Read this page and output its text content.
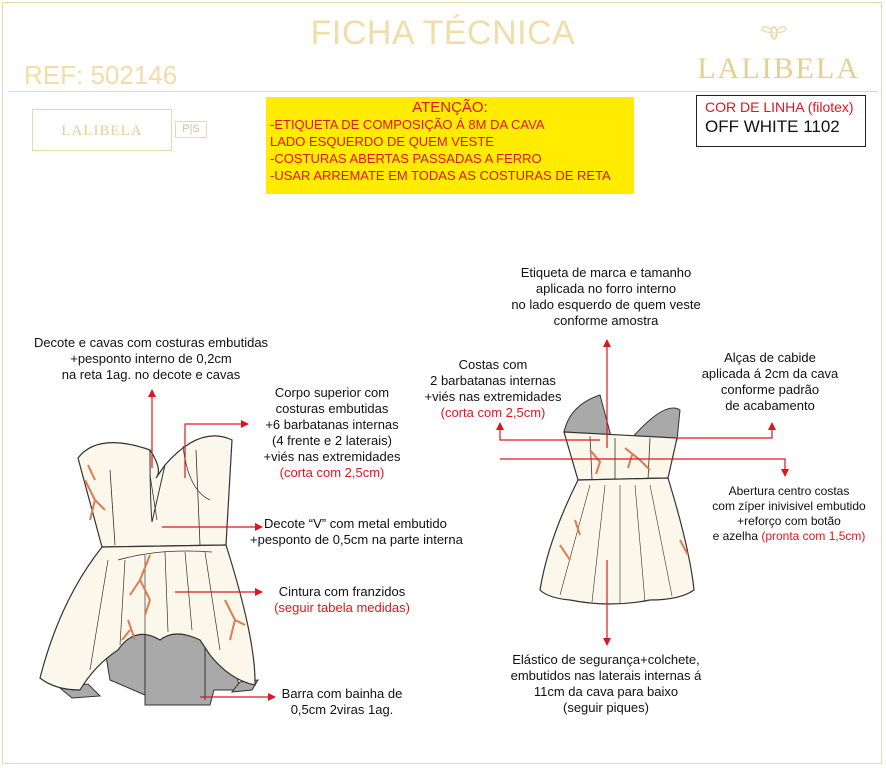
FICHA TÉCNICA
REF: 502146	LALIBELA
LALIBELA	P|S
ATENÇÃO:
-ETIQUETA DE COMPOSIÇÃO Á 8M DA CAVA
LADO ESQUERDO DE QUEM VESTE
-COSTURAS ABERTAS PASSADAS A FERRO
-USAR ARREMATE EM TODAS AS COSTURAS DE RETA
COR DE LINHA (filotex)
OFF WHITE 1102
Decote e cavas com costuras embutidas
+pesponto interno de 0,2cm
na reta 1ag. no decote e cavas
Corpo superior com
costuras embutidas
+6 barbatanas internas
(4 frente e 2 laterais)
+viés nas extremidades
(corta com 2,5cm)
Decote “V” com metal embutido
+pesponto de 0,5cm na parte interna
Cintura com franzidos
(seguir tabela medidas)
Barra com bainha de
0,5cm 2viras 1ag.
Etiqueta de marca e tamanho
aplicada no forro interno
no lado esquerdo de quem veste
conforme amostra
Costas com
2 barbatanas internas
+viés nas extremidades
(corta com 2,5cm)
Alças de cabide
aplicada á 2cm da cava
conforme padrão
de acabamento
Abertura centro costas
com zíper inivisivel embutido
+reforço com botão
e azelha (pronta com 1,5cm)
Elástico de segurança+colchete,
embutidos nas laterais internas á
11cm da cava para baixo
(seguir piques)
